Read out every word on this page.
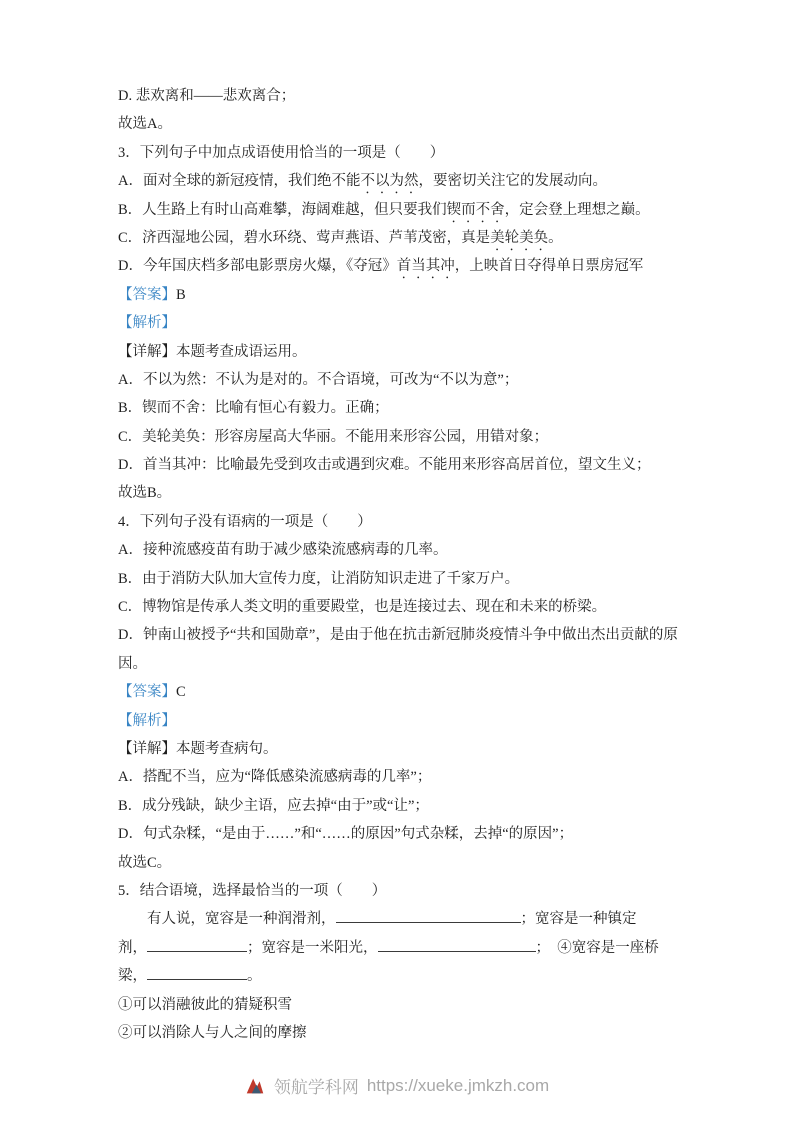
D. 悲欢离和——悲欢离合；
故选A。
3．下列句子中加点成语使用恰当的一项是（　　）
A．面对全球的新冠疫情，我们绝不能不以为然，要密切关注它的发展动向。
B．人生路上有时山高难攀，海阔难越，但只要我们锲而不舍，定会登上理想之巅。
C．济西湿地公园，碧水环绕、莺声燕语、芦苇茂密，真是美轮美奂。
D．今年国庆档多部电影票房火爆，《夺冠》首当其冲，上映首日夺得单日票房冠军
【答案】B
【解析】
【详解】本题考查成语运用。
A．不以为然：不认为是对的。不合语境，可改为“不以为意”；
B．锲而不舍：比喻有恒心有毅力。正确；
C．美轮美奂：形容房屋高大华丽。不能用来形容公园，用错对象；
D．首当其冲：比喻最先受到攻击或遇到灾难。不能用来形容高居首位，望文生义；
故选B。
4．下列句子没有语病的一项是（　　）
A．接种流感疫苗有助于减少感染流感病毒的几率。
B．由于消防大队加大宣传力度，让消防知识走进了千家万户。
C．博物馆是传承人类文明的重要殿堂，也是连接过去、现在和未来的桥梁。
D．钟南山被授予“共和国勋章”，是由于他在抗击新冠肺炎疫情斗争中做出杰出贡献的原
因。
【答案】C
【解析】
【详解】本题考查病句。
A．搭配不当，应为“降低感染流感病毒的几率”；
B．成分残缺，缺少主语，应去掉“由于”或“让”；
D．句式杂糅，“是由于……”和“……的原因”句式杂糅，去掉“的原因”；
故选C。
5．结合语境，选择最恰当的一项（　　）
　　有人说，宽容是一种润滑剂，	；宽容是一种镇定
剂，	；宽容是一米阳光，	；　④宽容是一座桥
梁，	。
①可以消融彼此的猜疑积雪
②可以消除人与人之间的摩擦
领航学科网 https://xueke.jmkzh.com
